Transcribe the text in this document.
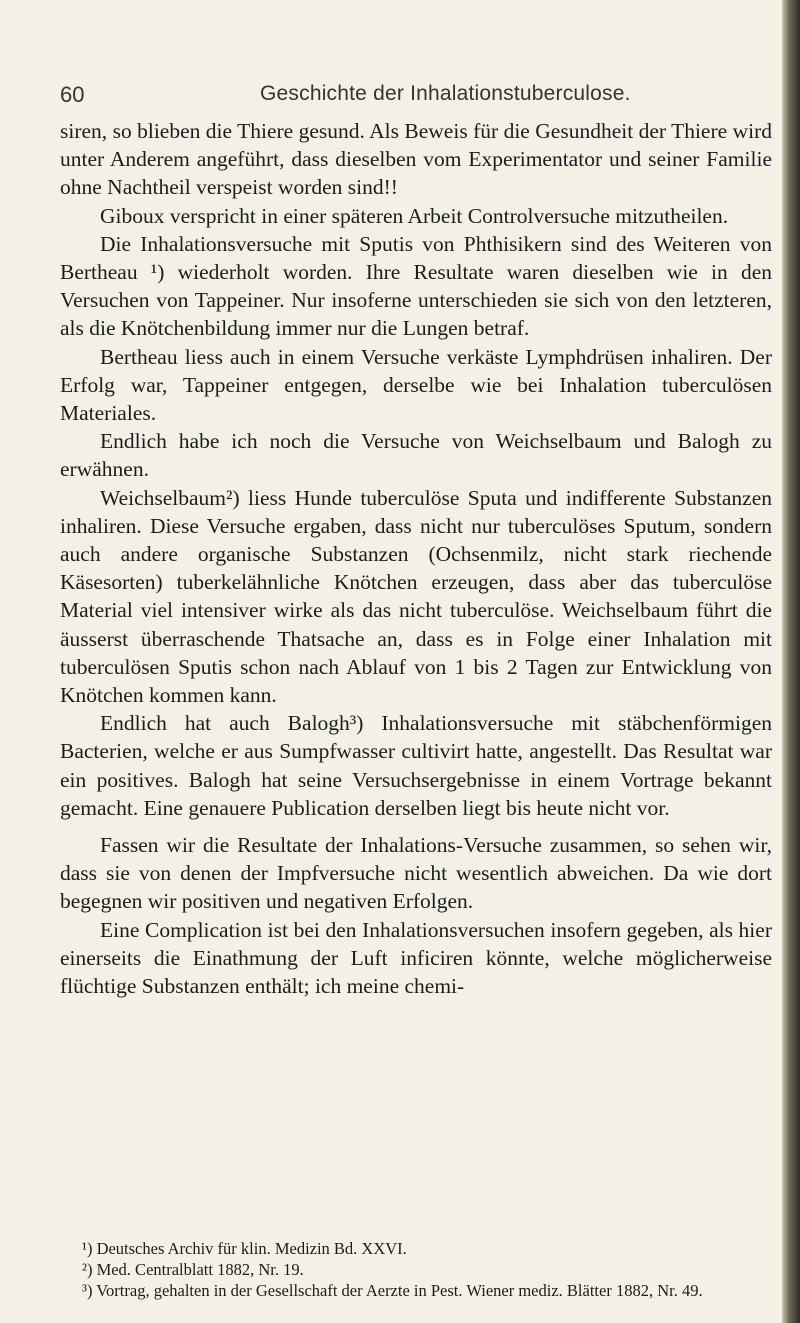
60	Geschichte der Inhalationstuberculose.

siren, so blieben die Thiere gesund. Als Beweis für die Gesundheit der Thiere wird unter Anderem angeführt, dass dieselben vom Experimentator und seiner Familie ohne Nachtheil verspeist worden sind!!

Giboux verspricht in einer späteren Arbeit Controlversuche mitzutheilen.

Die Inhalationsversuche mit Sputis von Phthisikern sind des Weiteren von Bertheau ¹) wiederholt worden. Ihre Resultate waren dieselben wie in den Versuchen von Tappeiner. Nur insoferne unterschieden sie sich von den letzteren, als die Knötchenbildung immer nur die Lungen betraf.

Bertheau liess auch in einem Versuche verkäste Lymphdrüsen inhaliren. Der Erfolg war, Tappeiner entgegen, derselbe wie bei Inhalation tuberculösen Materiales.

Endlich habe ich noch die Versuche von Weichselbaum und Balogh zu erwähnen.

Weichselbaum²) liess Hunde tuberculöse Sputa und indifferente Substanzen inhaliren. Diese Versuche ergaben, dass nicht nur tuberculöses Sputum, sondern auch andere organische Substanzen (Ochsenmilz, nicht stark riechende Käsesorten) tuberkelähnliche Knötchen erzeugen, dass aber das tuberculöse Material viel intensiver wirke als das nicht tuberculöse. Weichselbaum führt die äusserst überraschende Thatsache an, dass es in Folge einer Inhalation mit tuberculösen Sputis schon nach Ablauf von 1 bis 2 Tagen zur Entwicklung von Knötchen kommen kann.

Endlich hat auch Balogh³) Inhalationsversuche mit stäbchenförmigen Bacterien, welche er aus Sumpfwasser cultivirt hatte, angestellt. Das Resultat war ein positives. Balogh hat seine Versuchsergebnisse in einem Vortrage bekannt gemacht. Eine genauere Publication derselben liegt bis heute nicht vor.

Fassen wir die Resultate der Inhalations-Versuche zusammen, so sehen wir, dass sie von denen der Impfversuche nicht wesentlich abweichen. Da wie dort begegnen wir positiven und negativen Erfolgen.

Eine Complication ist bei den Inhalationsversuchen insofern gegeben, als hier einerseits die Einathmung der Luft inficiren könnte, welche möglicherweise flüchtige Substanzen enthält; ich meine chemi-

¹) Deutsches Archiv für klin. Medizin Bd. XXVI.

²) Med. Centralblatt 1882, Nr. 19.

³) Vortrag, gehalten in der Gesellschaft der Aerzte in Pest. Wiener mediz. Blätter 1882, Nr. 49.
